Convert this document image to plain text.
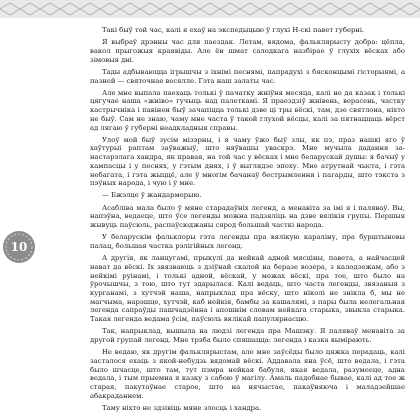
10

Такі быў той час, калі я ехаў на экспедыцыю ў глухі Н-скі павет губерні.

Я выбраў дрэнны час для паездак. Летам, вядома, фальклярысту добра: цёпла, вакол прыгожыя краявіды. Але ён шмат салодкага назбірае ў глухіх вёсках або зімовыя дні.

Тады адбываюцца ігрышчы з іхнімі песнямі, папрадухі з бясконцымі гісторыямі, а пазней — святочнае весялле. Гэта наш залаты час.

Але мне выпала паехаць толькі ў пачатку жніўня месяца, калі не да казак і толькі цягучае наша «жніво» гучыць над палеткамі. Я праездзіў жнівень, верасень, частку кастрычніка і павінен быў зачапіцца толькі дзве ці тры вёскі, там, дзе святлона, ніхто не быў. Сам не знаю, чаму мне часта ў такой глухой вёсцы, калі за пятнаццаць вёрст ад лягаю ў губерні неадкладныя справы.

Улоў мой быў зусім мізэрны, і я чаму ўжо быў злы, як пэ, праз нашкі яго ў хаўтурыі раптам заўважыў, што няўвашы уваскрэ. Мне мучыла дадання за-настарэлага хандра, як правая, на той час у вёсках і мне беларускай душы: я бачыў у кампасцы і у песнях, у гэтым днях, і ў выглядзе эпоху. Мне атрутнай чыста, і гэта небагата, і гэта жыццё, але ў многім бачанаў бестрымлення і пагарды, што тэкста з пэўных народа, і чую і ў мне.

— Бжэлце ў жандармерыю.

Асабліва мала было ў мяне старадаўніх легенд, а менавіта за імі я і паляваў. Вы, напэўна, ведаеце, што ўсе легенды можна падзяліць на дзве вялікія групы. Першыя жывуць паўсюль, распаўсюджаны сярод большай часткі народа.

У беларускім фальклоры гэта легенды пра вялікую караліну, пра бурштыновы палац, большая частка рэлігійных легенд.

А другія, як ланцугамі, прыкулі да нейкай адной мясціны, павета, а найчасцей нават да вёскі. Іх звязваюць з дзіўнай скалой на беразе возера, з калодзежам, або з нейкімі руінамі, і толькі адной, вёскай, у межах вёскі, пра тое, што было на ўрочышчы, з тою, што тут здарылася. Калі ведаць, што часта легенды, звязаныя з курганамі, з хутчэй наша, напрыклад пра вёску, што ніколі не знікла б, мы не магчыма, нарэшце, хутчэй, каб нейкія, бамбы за кашалямі, з пары была нелегальная легенда сапраўды пашчадзённа і апошнім словам нейкага старыка, звыкла старыка. Такая легенда ведама ўсім, паўсюль вялікай папулярнасцю.

Так, напрыклад, вышыла на людзі легенда пра Машэку. Я паляваў менавіта за другой групай легенд. Мне трэба было спяшацца: легенда і казка вымірають.

Не ведаю, як другім фальклярыстам, але мне заўсёды было цяжка перадаць, калі засталося ехаць з якой-небудзь вядомай вёскі. Аддавала яна ўсё, што ведала, і гэта было шчасце, што там, тут пэмра нейкая бабуля, якая ведала, разумееце, адна ведала, і тым прыемна я казку з сабою ў магілу. Амаль падобнае бывае, калі ад тое ж старая, пакутаўнае старое, што на нячыстае, пакаўняюча і маладзейшае абакраданнем.

Таму ніхто не здзівіць мяне злосць і хандра.
